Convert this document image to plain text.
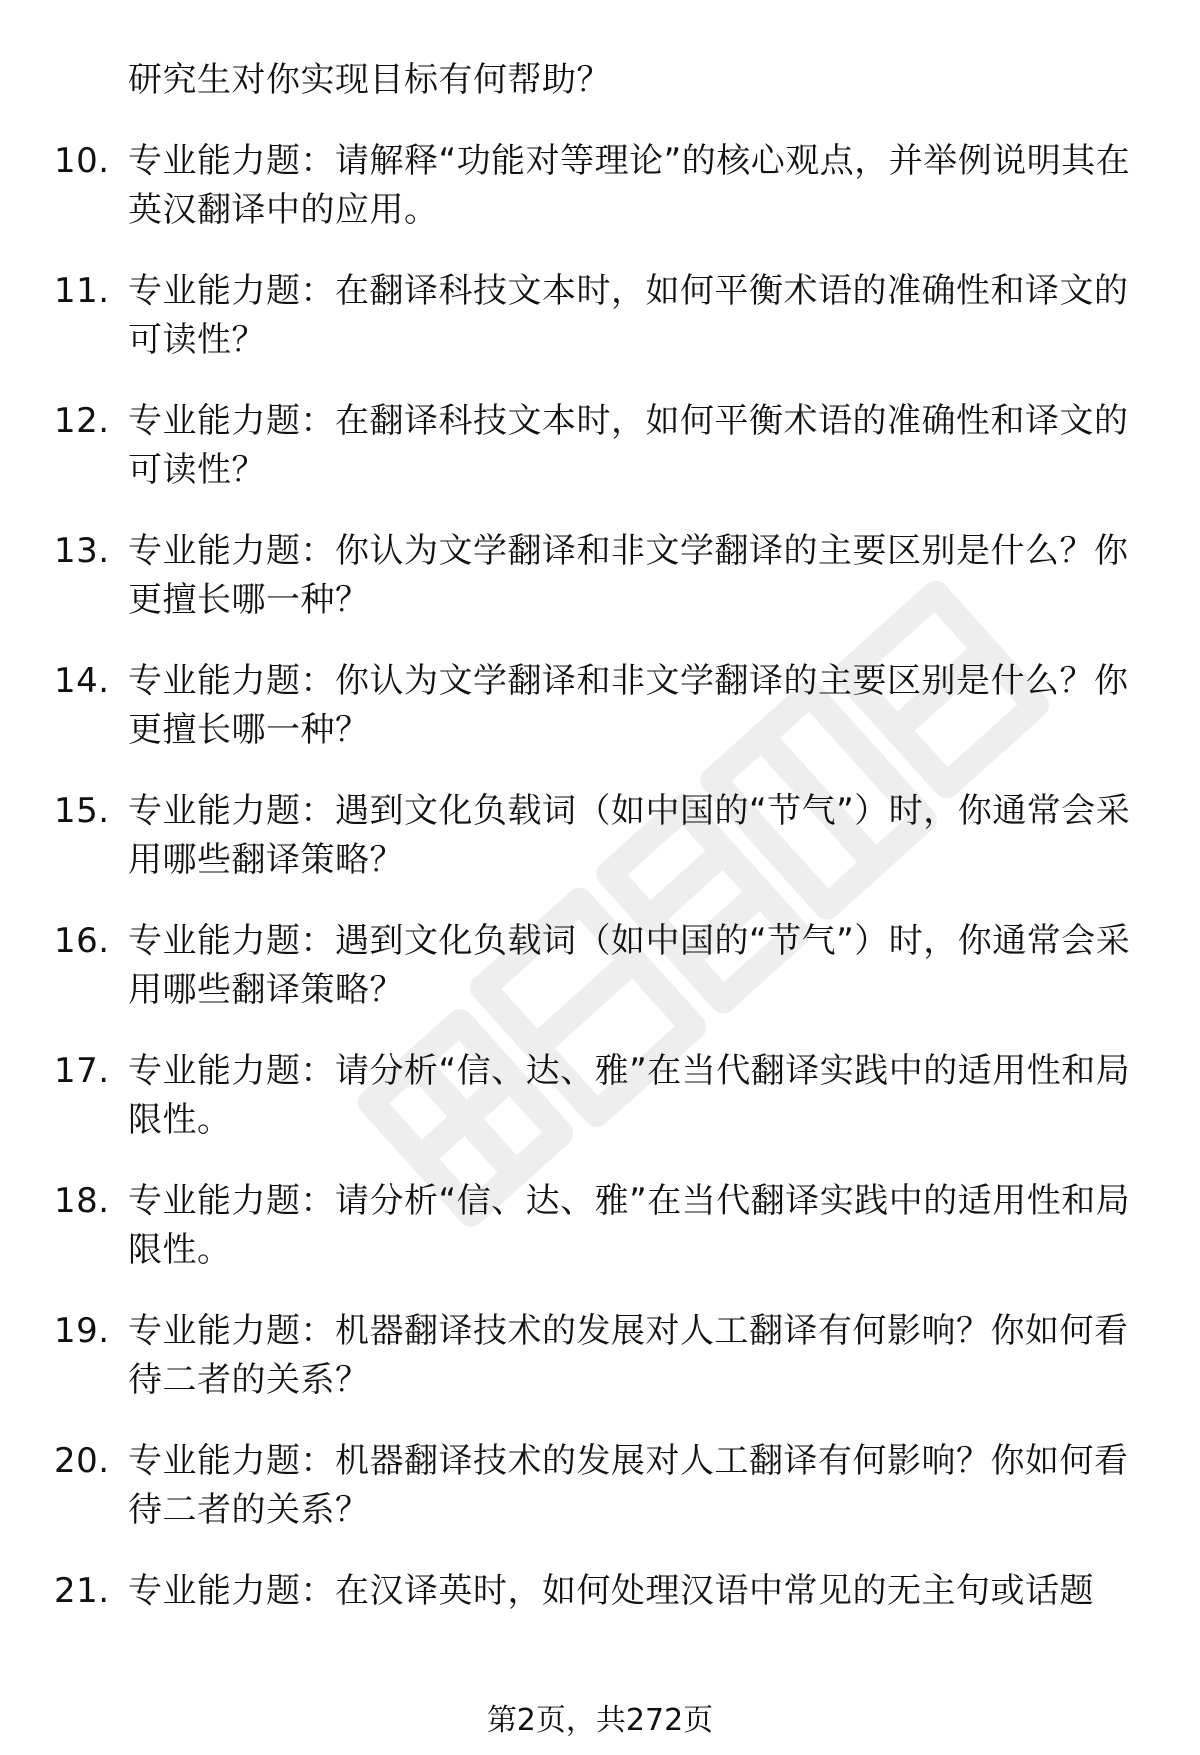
研究生对你实现目标有何帮助？

10. 专业能力题：请解释“功能对等理论”的核心观点，并举例说明其在英汉翻译中的应用。
11. 专业能力题：在翻译科技文本时，如何平衡术语的准确性和译文的可读性？
12. 专业能力题：在翻译科技文本时，如何平衡术语的准确性和译文的可读性？
13. 专业能力题：你认为文学翻译和非文学翻译的主要区别是什么？你更擅长哪一种？
14. 专业能力题：你认为文学翻译和非文学翻译的主要区别是什么？你更擅长哪一种？
15. 专业能力题：遇到文化负载词（如中国的“节气”）时，你通常会采用哪些翻译策略？
16. 专业能力题：遇到文化负载词（如中国的“节气”）时，你通常会采用哪些翻译策略？
17. 专业能力题：请分析“信、达、雅”在当代翻译实践中的适用性和局限性。
18. 专业能力题：请分析“信、达、雅”在当代翻译实践中的适用性和局限性。
19. 专业能力题：机器翻译技术的发展对人工翻译有何影响？你如何看待二者的关系？
20. 专业能力题：机器翻译技术的发展对人工翻译有何影响？你如何看待二者的关系？
21. 专业能力题：在汉译英时，如何处理汉语中常见的无主句或话题
第2页，共272页
